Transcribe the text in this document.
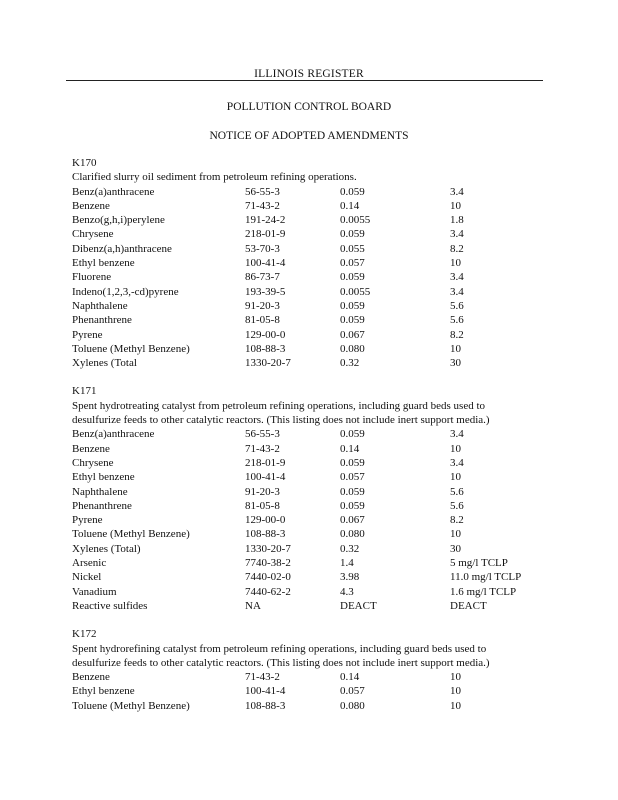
ILLINOIS REGISTER
POLLUTION CONTROL BOARD
NOTICE OF ADOPTED AMENDMENTS
K170
Clarified slurry oil sediment from petroleum refining operations.
Benz(a)anthracene	56-55-3	0.059	3.4
Benzene	71-43-2	0.14	10
Benzo(g,h,i)perylene	191-24-2	0.0055	1.8
Chrysene	218-01-9	0.059	3.4
Dibenz(a,h)anthracene	53-70-3	0.055	8.2
Ethyl benzene	100-41-4	0.057	10
Fluorene	86-73-7	0.059	3.4
Indeno(1,2,3,-cd)pyrene	193-39-5	0.0055	3.4
Naphthalene	91-20-3	0.059	5.6
Phenanthrene	81-05-8	0.059	5.6
Pyrene	129-00-0	0.067	8.2
Toluene (Methyl Benzene)	108-88-3	0.080	10
Xylenes (Total	1330-20-7	0.32	30
K171
Spent hydrotreating catalyst from petroleum refining operations, including guard beds used to
desulfurize feeds to other catalytic reactors. (This listing does not include inert support media.)
Benz(a)anthracene	56-55-3	0.059	3.4
Benzene	71-43-2	0.14	10
Chrysene	218-01-9	0.059	3.4
Ethyl benzene	100-41-4	0.057	10
Naphthalene	91-20-3	0.059	5.6
Phenanthrene	81-05-8	0.059	5.6
Pyrene	129-00-0	0.067	8.2
Toluene (Methyl Benzene)	108-88-3	0.080	10
Xylenes (Total)	1330-20-7	0.32	30
Arsenic	7740-38-2	1.4	5 mg/l TCLP
Nickel	7440-02-0	3.98	11.0 mg/l TCLP
Vanadium	7440-62-2	4.3	1.6 mg/l TCLP
Reactive sulfides	NA	DEACT	DEACT
K172
Spent hydrorefining catalyst from petroleum refining operations, including guard beds used to
desulfurize feeds to other catalytic reactors. (This listing does not include inert support media.)
Benzene	71-43-2	0.14	10
Ethyl benzene	100-41-4	0.057	10
Toluene (Methyl Benzene)	108-88-3	0.080	10
